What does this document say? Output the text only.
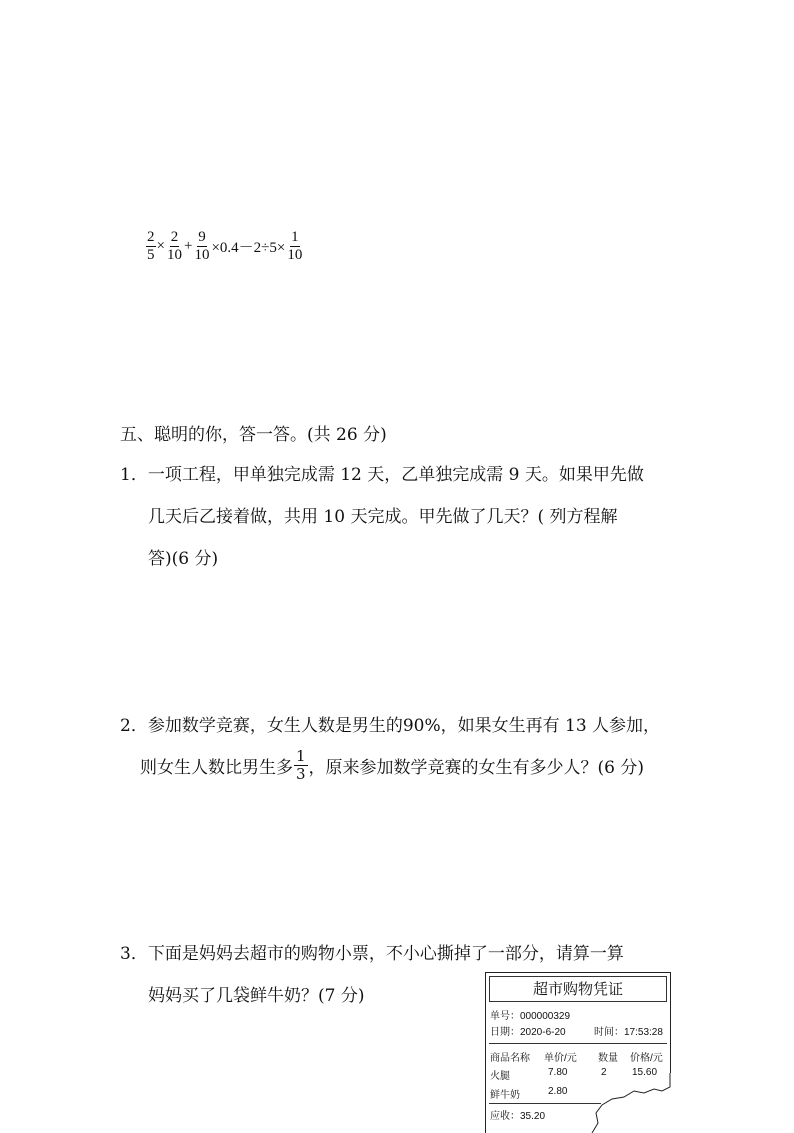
$\frac{2}{5} \times \frac{2}{10} + \frac{9}{10} \times 0.4-2\div 5\times \frac{1}{10}$
五、聪明的你，答一答。(共 26 分)
1．一项工程，甲单独完成需 12 天，乙单独完成需 9 天。如果甲先做
几天后乙接着做，共用 10 天完成。甲先做了几天？( 列方程解
答)(6 分)
2．参加数学竞赛，女生人数是男生的90%，如果女生再有 13 人参加，
则女生人数比男生多 $\frac{1}{3}$ ，原来参加数学竞赛的女生有多少人？(6 分)
3．下面是妈妈去超市的购物小票，不小心撕掉了一部分，请算一算
妈妈买了几袋鲜牛奶？(7 分)	超市购物凭证
单号：000000329
日期：2020-6-20	时间：17:53:28
商品名称 单价/元 数量 价格/元
火腿	7.80	2	15.60
鲜牛奶	2.80
应收：35.20
